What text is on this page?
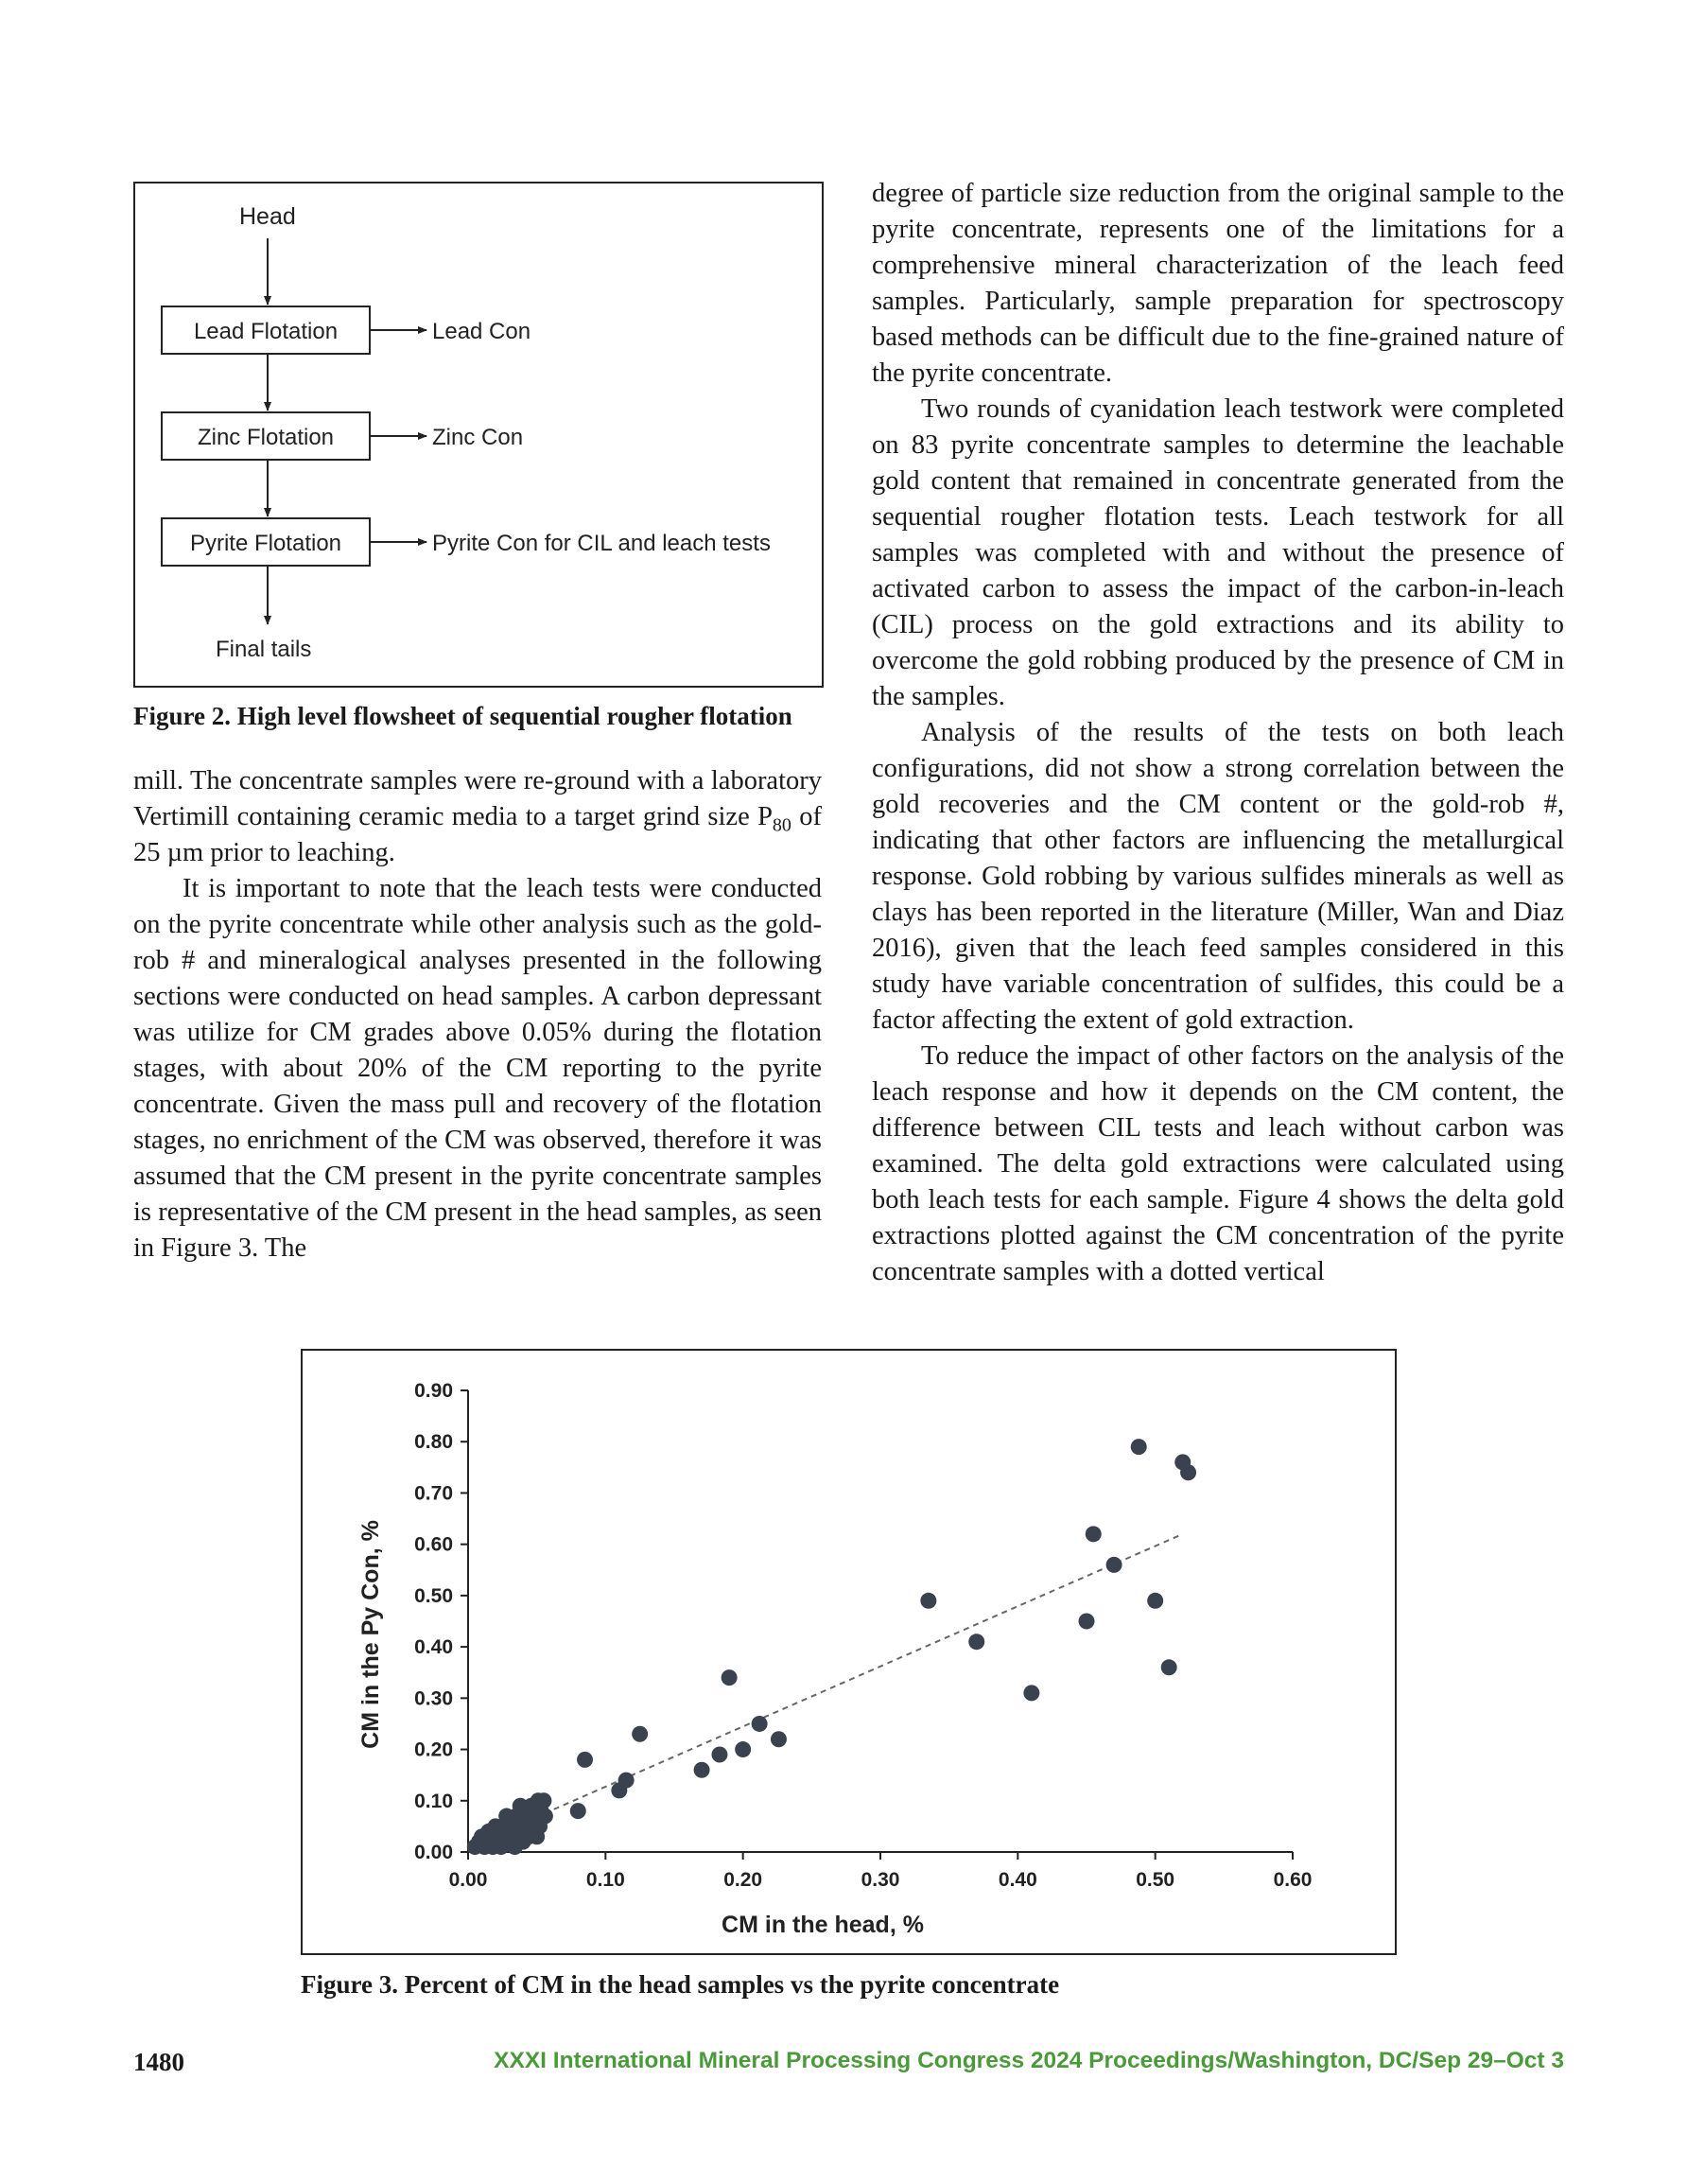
Head
Lead Flotation	Lead Con
Zinc Flotation	Zinc Con
Pyrite Flotation	Pyrite Con for CIL and leach tests
Final tails
Figure 2. High level flowsheet of sequential rougher flotation

mill. The concentrate samples were re-ground with a laboratory Vertimill containing ceramic media to a target grind size $P_{80}$ of 25 µm prior to leaching.

It is important to note that the leach tests were conducted on the pyrite concentrate while other analysis such as the gold-rob # and mineralogical analyses presented in the following sections were conducted on head samples. A carbon depressant was utilize for CM grades above 0.05% during the flotation stages, with about 20% of the CM reporting to the pyrite concentrate. Given the mass pull and recovery of the flotation stages, no enrichment of the CM was observed, therefore it was assumed that the CM present in the pyrite concentrate samples is representative of the CM present in the head samples, as seen in Figure 3. The

degree of particle size reduction from the original sample to the pyrite concentrate, represents one of the limitations for a comprehensive mineral characterization of the leach feed samples. Particularly, sample preparation for spectroscopy based methods can be difficult due to the fine-grained nature of the pyrite concentrate.

Two rounds of cyanidation leach testwork were completed on 83 pyrite concentrate samples to determine the leachable gold content that remained in concentrate generated from the sequential rougher flotation tests. Leach testwork for all samples was completed with and without the presence of activated carbon to assess the impact of the carbon-in-leach (CIL) process on the gold extractions and its ability to overcome the gold robbing produced by the presence of CM in the samples.

Analysis of the results of the tests on both leach configurations, did not show a strong correlation between the gold recoveries and the CM content or the gold-rob #, indicating that other factors are influencing the metallurgical response. Gold robbing by various sulfides minerals as well as clays has been reported in the literature (Miller, Wan and Diaz 2016), given that the leach feed samples considered in this study have variable concentration of sulfides, this could be a factor affecting the extent of gold extraction.

To reduce the impact of other factors on the analysis of the leach response and how it depends on the CM content, the difference between CIL tests and leach without carbon was examined. The delta gold extractions were calculated using both leach tests for each sample. Figure 4 shows the delta gold extractions plotted against the CM concentration of the pyrite concentrate samples with a dotted vertical

0.00	0.10	0.20	0.30	0.40	0.50	0.60
0.00
0.10
0.20
0.30
0.40
0.50
0.60
0.70
0.80
0.90
CM in the head, %
CM in the Py Con, %
Figure 3. Percent of CM in the head samples vs the pyrite concentrate
1480	XXXI International Mineral Processing Congress 2024 Proceedings/Washington, DC/Sep 29–Oct 3
